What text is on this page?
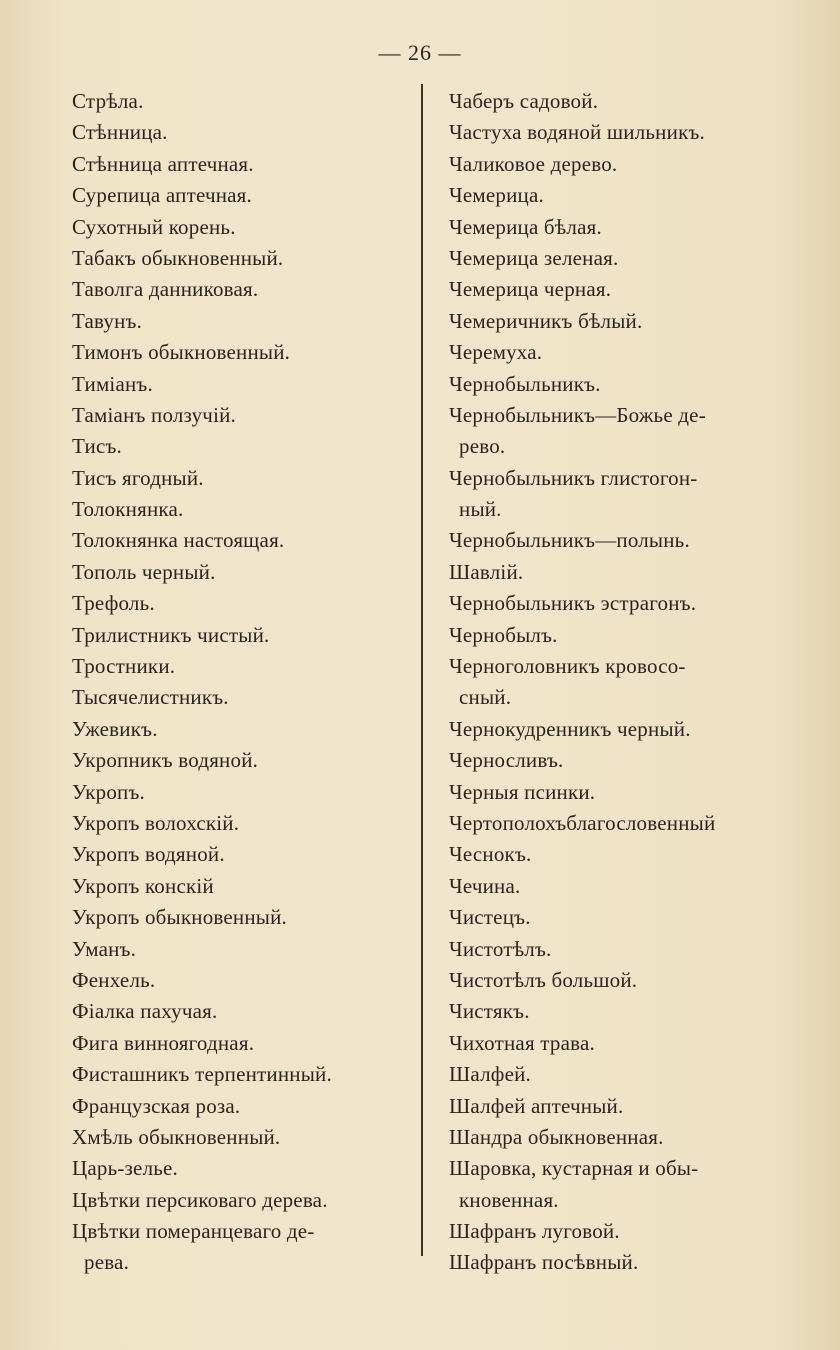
— 26 —
Стрѣла.
Стѣнница.
Стѣнница аптечная.
Сурепица аптечная.
Сухотный корень.
Табакъ обыкновенный.
Таволга данниковая.
Тавунъ.
Тимонъ обыкновенный.
Тиміанъ.
Таміанъ ползучій.
Тисъ.
Тисъ ягодный.
Толокнянка.
Толокнянка настоящая.
Тополь черный.
Трефоль.
Трилистникъ чистый.
Тростники.
Тысячелистникъ.
Ужевикъ.
Укропникъ водяной.
Укропъ.
Укропъ волохскій.
Укропъ водяной.
Укропъ конскій
Укропъ обыкновенный.
Уманъ.
Фенхель.
Фіалка пахучая.
Фига винноягодная.
Фисташникъ терпентинный.
Французская роза.
Хмѣль обыкновенный.
Царь-зелье.
Цвѣтки персиковаго дерева.
Цвѣтки померанцеваго де-
рева.
Чаберъ садовой.
Частуха водяной шильникъ.
Чаликовое дерево.
Чемерица.
Чемерица бѣлая.
Чемерица зеленая.
Чемерица черная.
Чемеричникъ бѣлый.
Черемуха.
Чернобыльникъ.
Чернобыльникъ—Божье де-
рево.
Чернобыльникъ глистогон-
ный.
Чернобыльникъ—полынь.
Шавлій.
Чернобыльникъ эстрагонъ.
Чернобылъ.
Черноголовникъ кровосо-
сный.
Чернокудренникъ черный.
Черносливъ.
Черныя псинки.
Чертополохъблагословенный
Чеснокъ.
Чечина.
Чистецъ.
Чистотѣлъ.
Чистотѣлъ большой.
Чистякъ.
Чихотная трава.
Шалфей.
Шалфей аптечный.
Шандра обыкновенная.
Шаровка, кустарная и обы-
кновенная.
Шафранъ луговой.
Шафранъ посѣвный.
